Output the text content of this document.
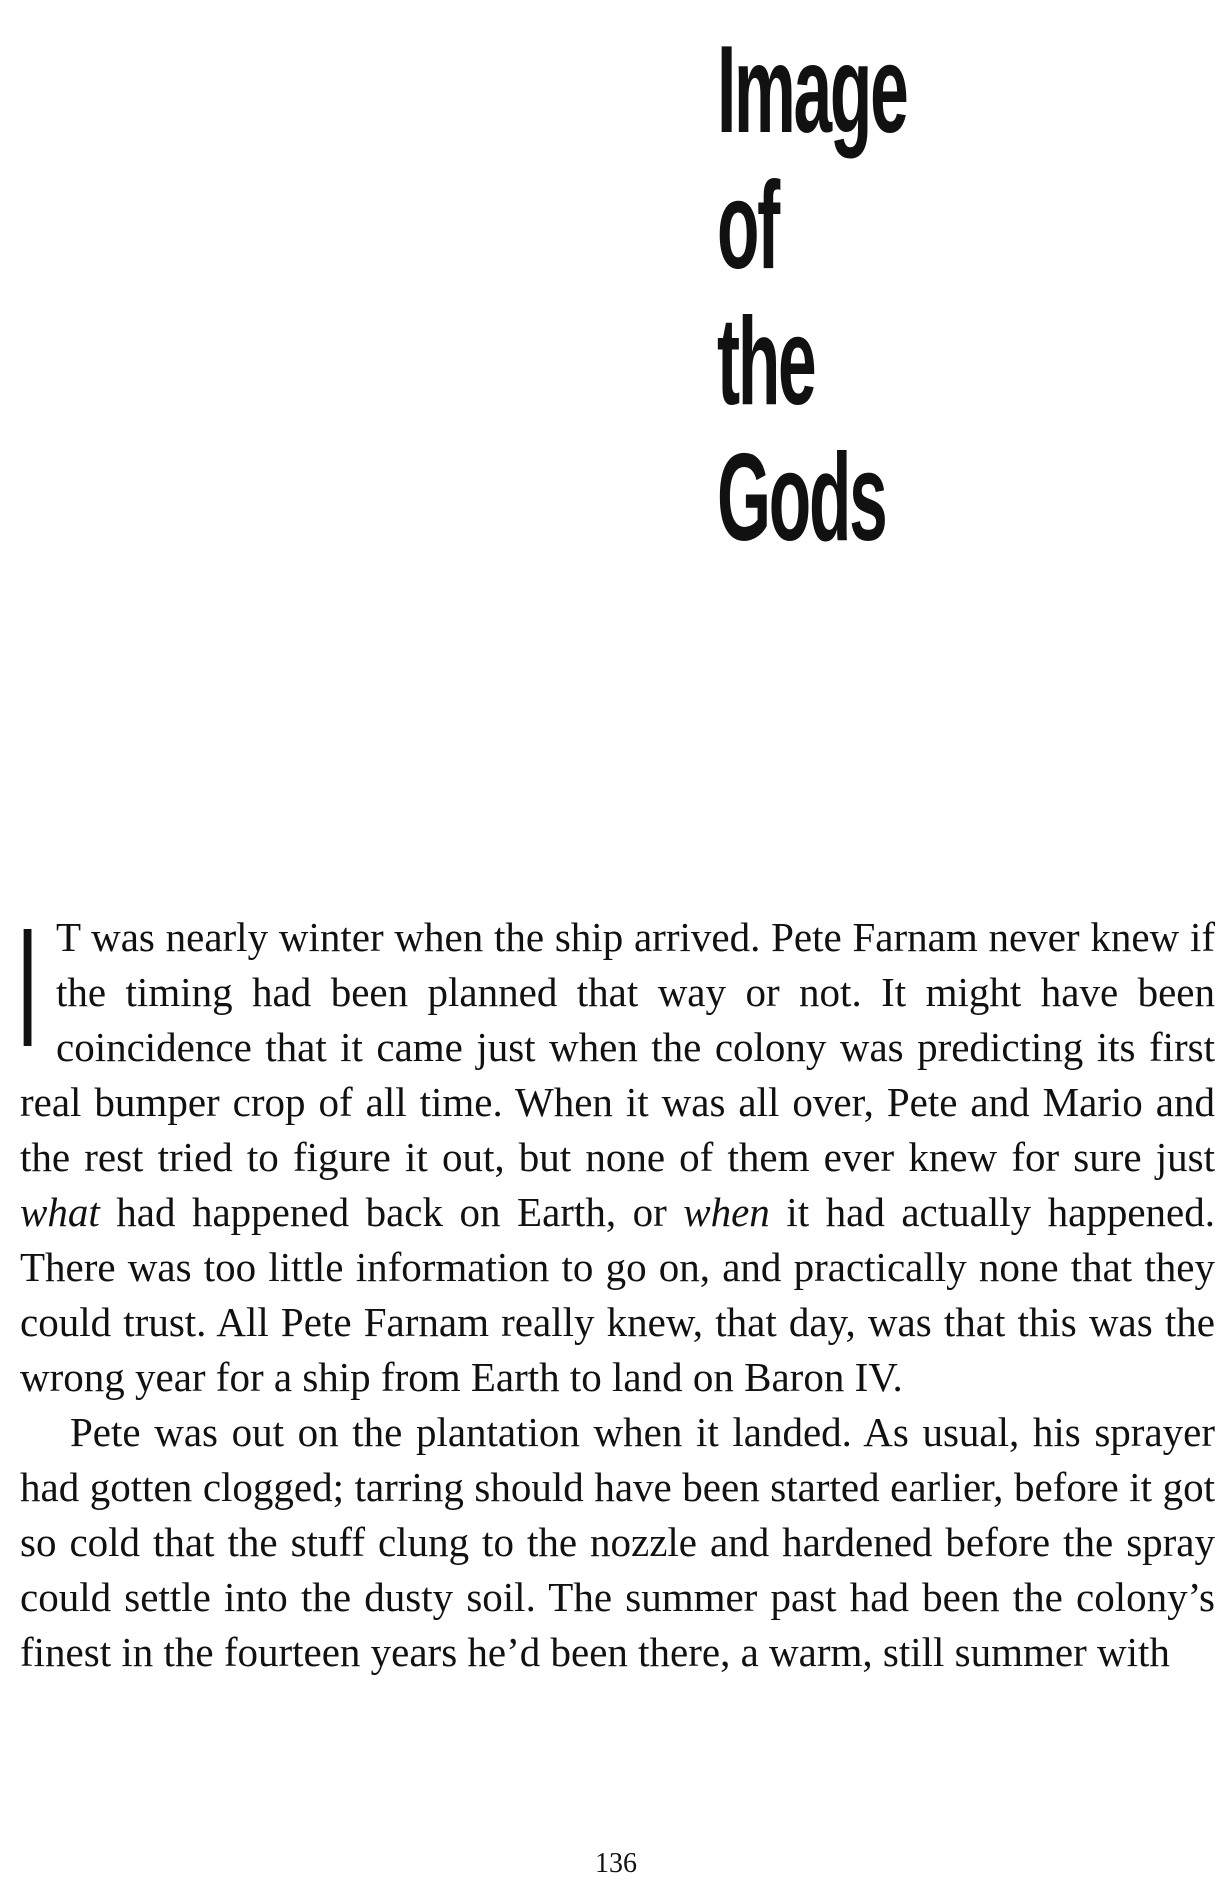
Image
of
the
Gods

I T was nearly winter when the ship arrived. Pete Farnam never knew if the timing had been planned that way or not. It might have been coincidence that it came just when the colony was predicting its first real bumper crop of all time. When it was all over, Pete and Mario and the rest tried to figure it out, but none of them ever knew for sure just what had happened back on Earth, or when it had actually happened. There was too little information to go on, and practically none that they could trust. All Pete Farnam really knew, that day, was that this was the wrong year for a ship from Earth to land on Baron IV.

Pete was out on the plantation when it landed. As usual, his sprayer had gotten clogged; tarring should have been started earlier, before it got so cold that the stuff clung to the nozzle and hardened before the spray could settle into the dusty soil. The summer past had been the colony’s finest in the fourteen years he’d been there, a warm, still summer with

136
